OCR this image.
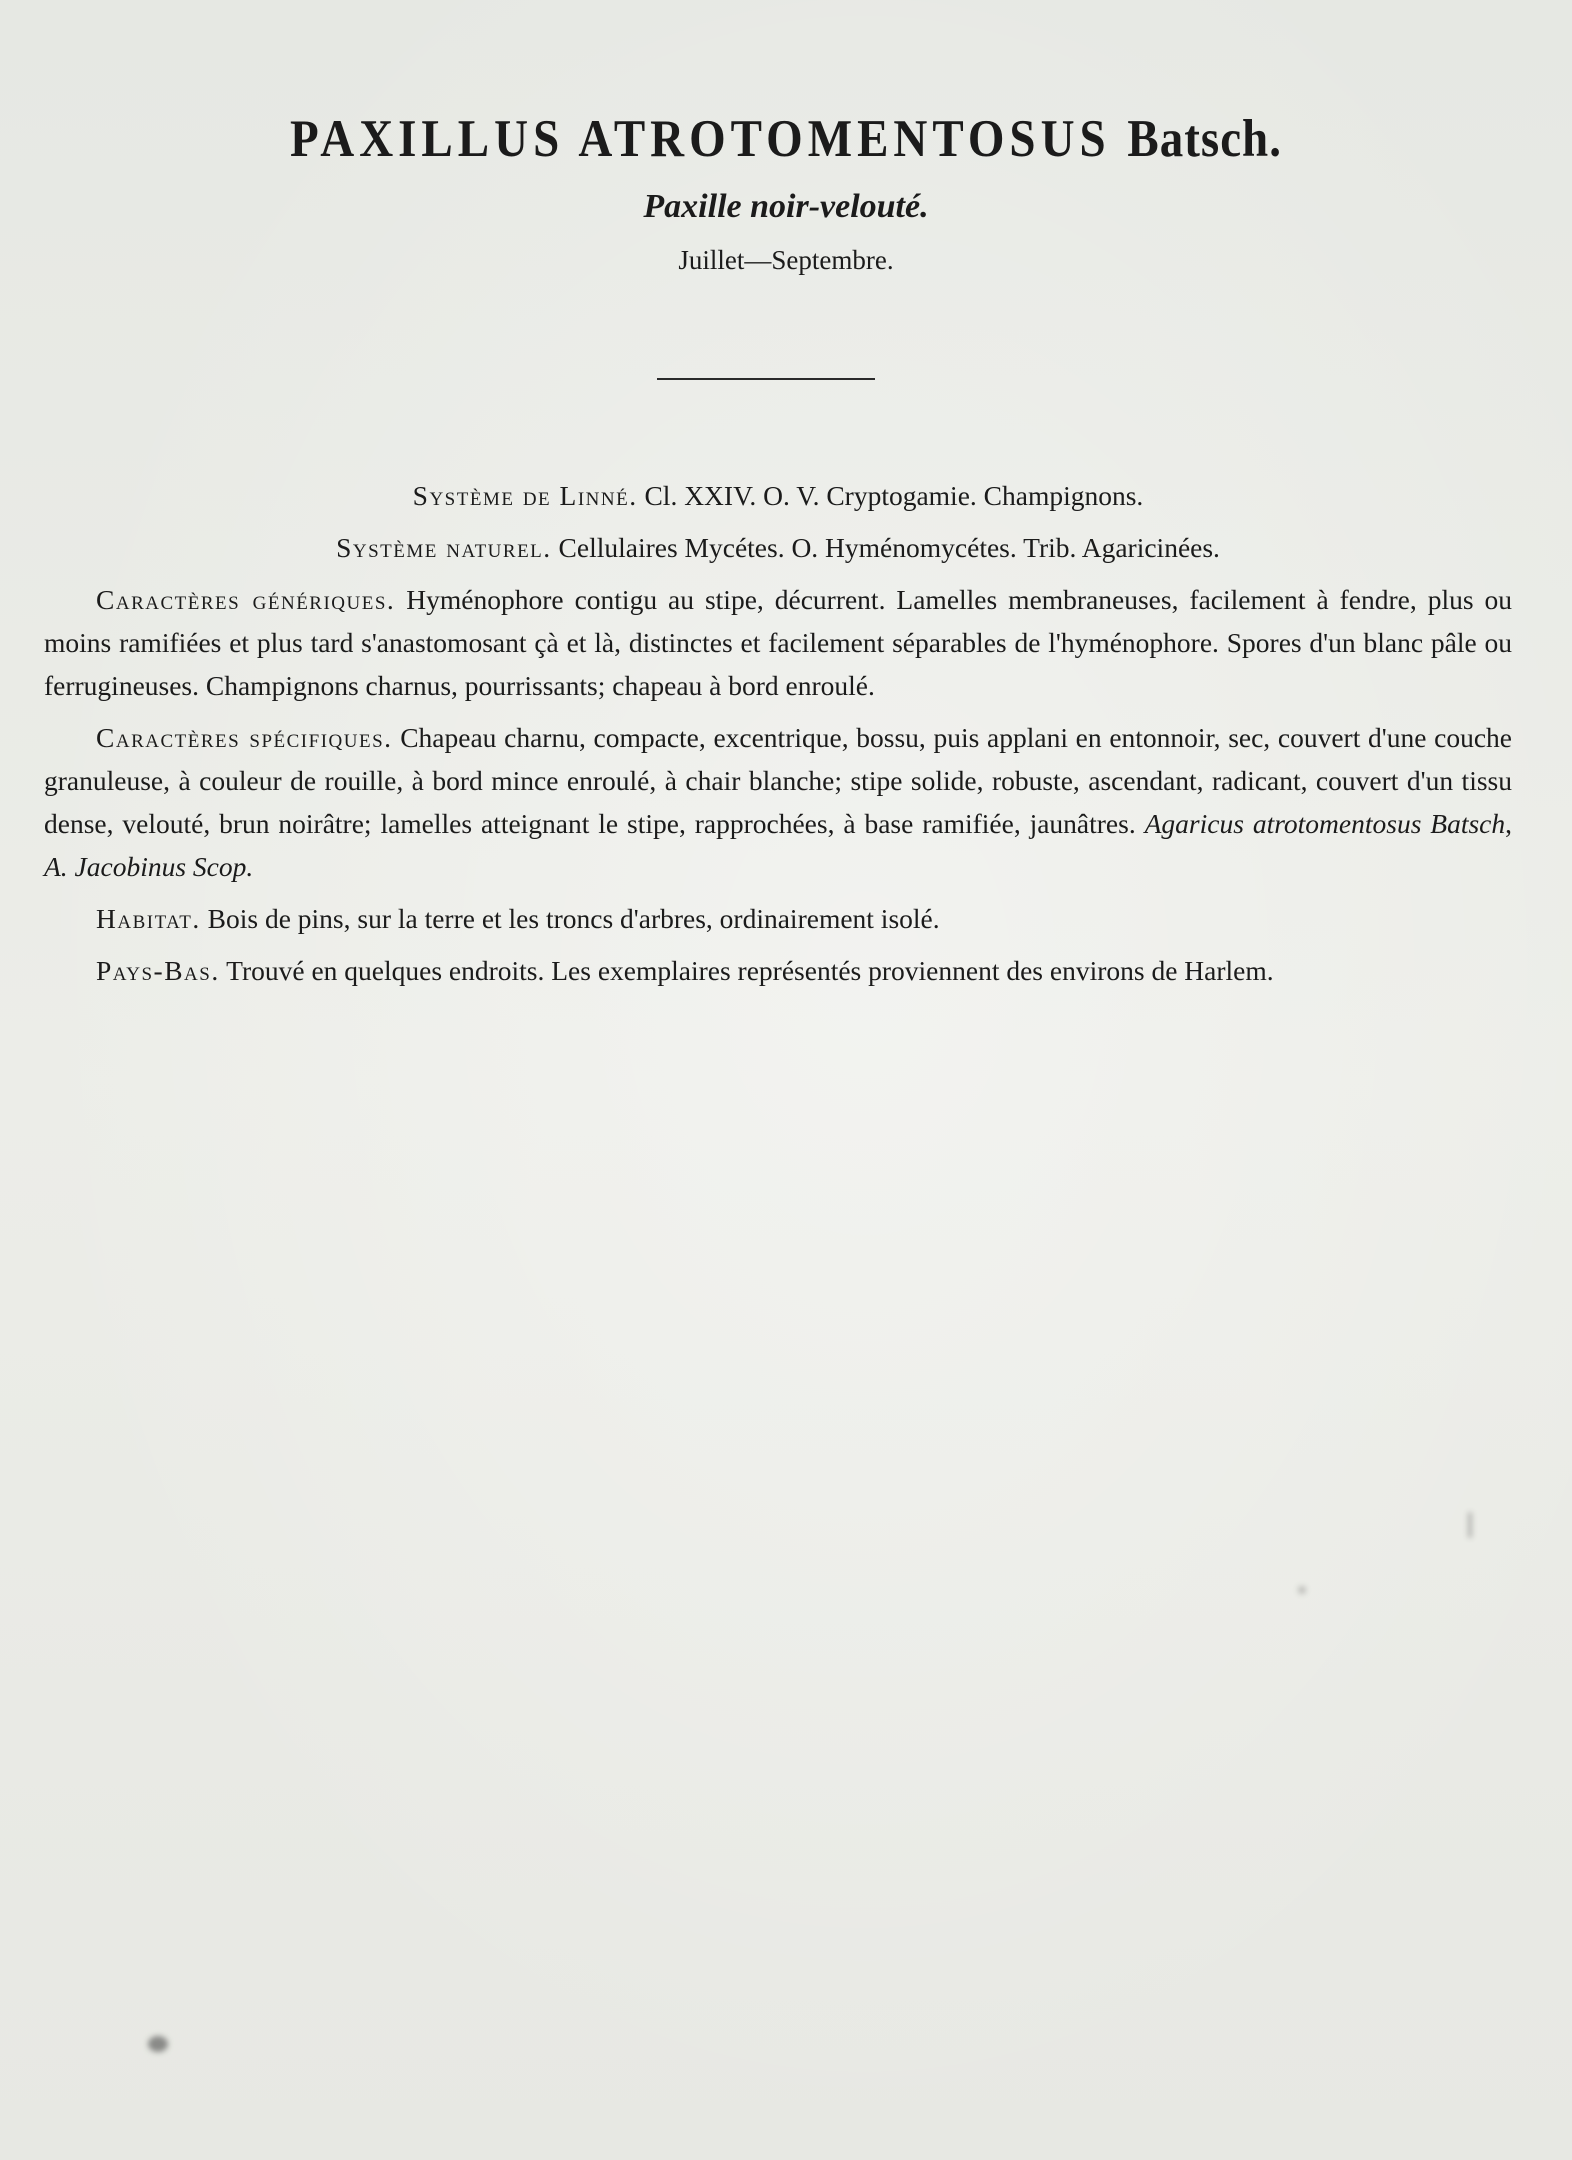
PAXILLUS ATROTOMENTOSUS Batsch.
Paxille noir-velouté.
Juillet—Septembre.

Système de Linné. Cl. XXIV. O. V. Cryptogamie. Champignons.

Système naturel. Cellulaires Mycétes. O. Hyménomycétes. Trib. Agaricinées.

Caractères génériques. Hyménophore contigu au stipe, décurrent. Lamelles membraneuses, facilement à fendre, plus ou moins ramifiées et plus tard s'anastomosant çà et là, distinctes et facilement séparables de l'hyménophore. Spores d'un blanc pâle ou ferrugineuses. Champignons charnus, pourrissants; chapeau à bord enroulé.

Caractères spécifiques. Chapeau charnu, compacte, excentrique, bossu, puis applani en entonnoir, sec, couvert d'une couche granuleuse, à couleur de rouille, à bord mince enroulé, à chair blanche; stipe solide, robuste, ascendant, radicant, couvert d'un tissu dense, velouté, brun noirâtre; lamelles atteignant le stipe, rapprochées, à base ramifiée, jaunâtres. Agaricus atrotomentosus Batsch, A. Jacobinus Scop.

Habitat. Bois de pins, sur la terre et les troncs d'arbres, ordinairement isolé.

Pays-Bas. Trouvé en quelques endroits. Les exemplaires représentés proviennent des environs de Harlem.
